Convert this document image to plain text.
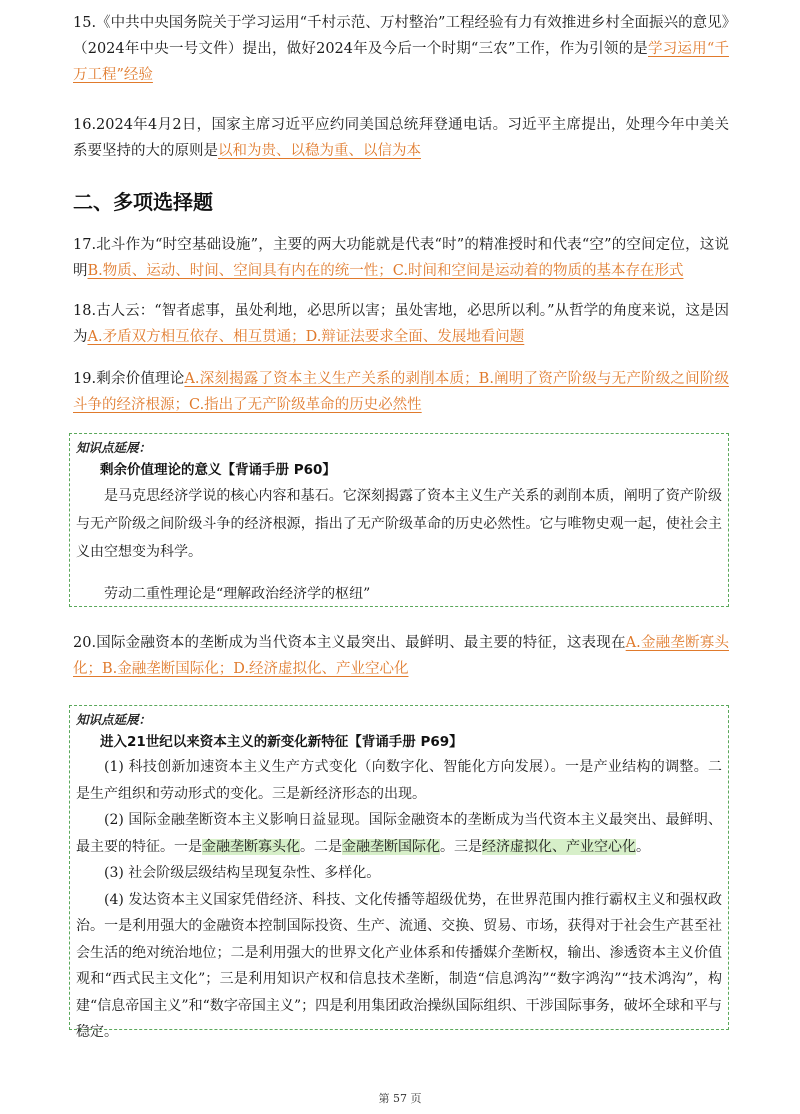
15.《中共中央国务院关于学习运用“千村示范、万村整治”工程经验有力有效推进乡村全面振兴的意见》（2024年中央一号文件）提出，做好2024年及今后一个时期“三农”工作，作为引领的是学习运用“千万工程”经验
16.2024年4月2日，国家主席习近平应约同美国总统拜登通电话。习近平主席提出，处理今年中美关系要坚持的大的原则是以和为贵、以稳为重、以信为本
二、多项选择题
17.北斗作为“时空基础设施”，主要的两大功能就是代表“时”的精准授时和代表“空”的空间定位，这说明B.物质、运动、时间、空间具有内在的统一性；C.时间和空间是运动着的物质的基本存在形式
18.古人云：“智者虑事，虽处利地，必思所以害；虽处害地，必思所以利。”从哲学的角度来说，这是因为A.矛盾双方相互依存、相互贯通；D.辩证法要求全面、发展地看问题
19.剩余价值理论A.深刻揭露了资本主义生产关系的剥削本质；B.阐明了资产阶级与无产阶级之间阶级斗争的经济根源；C.指出了无产阶级革命的历史必然性
知识点延展：
剩余价值理论的意义【背诵手册 P60】

是马克思经济学说的核心内容和基石。它深刻揭露了资本主义生产关系的剥削本质，阐明了资产阶级与无产阶级之间阶级斗争的经济根源，指出了无产阶级革命的历史必然性。它与唯物史观一起，使社会主义由空想变为科学。

劳动二重性理论是“理解政治经济学的枢纽”

20.国际金融资本的垄断成为当代资本主义最突出、最鲜明、最主要的特征，这表现在A.金融垄断寡头化；B.金融垄断国际化；D.经济虚拟化、产业空心化
知识点延展：
进入21世纪以来资本主义的新变化新特征【背诵手册 P69】

(1) 科技创新加速资本主义生产方式变化（向数字化、智能化方向发展）。一是产业结构的调整。二是生产组织和劳动形式的变化。三是新经济形态的出现。

(2) 国际金融垄断资本主义影响日益显现。国际金融资本的垄断成为当代资本主义最突出、最鲜明、最主要的特征。一是金融垄断寡头化。二是金融垄断国际化。三是经济虚拟化、产业空心化。

(3) 社会阶级层级结构呈现复杂性、多样化。

(4) 发达资本主义国家凭借经济、科技、文化传播等超级优势，在世界范围内推行霸权主义和强权政治。一是利用强大的金融资本控制国际投资、生产、流通、交换、贸易、市场，获得对于社会生产甚至社会生活的绝对统治地位；二是利用强大的世界文化产业体系和传播媒介垄断权，输出、渗透资本主义价值观和“西式民主文化”；三是利用知识产权和信息技术垄断，制造“信息鸿沟”“数字鸿沟”“技术鸿沟”，构建“信息帝国主义”和“数字帝国主义”；四是利用集团政治操纵国际组织、干涉国际事务，破坏全球和平与稳定。

第 57 页
